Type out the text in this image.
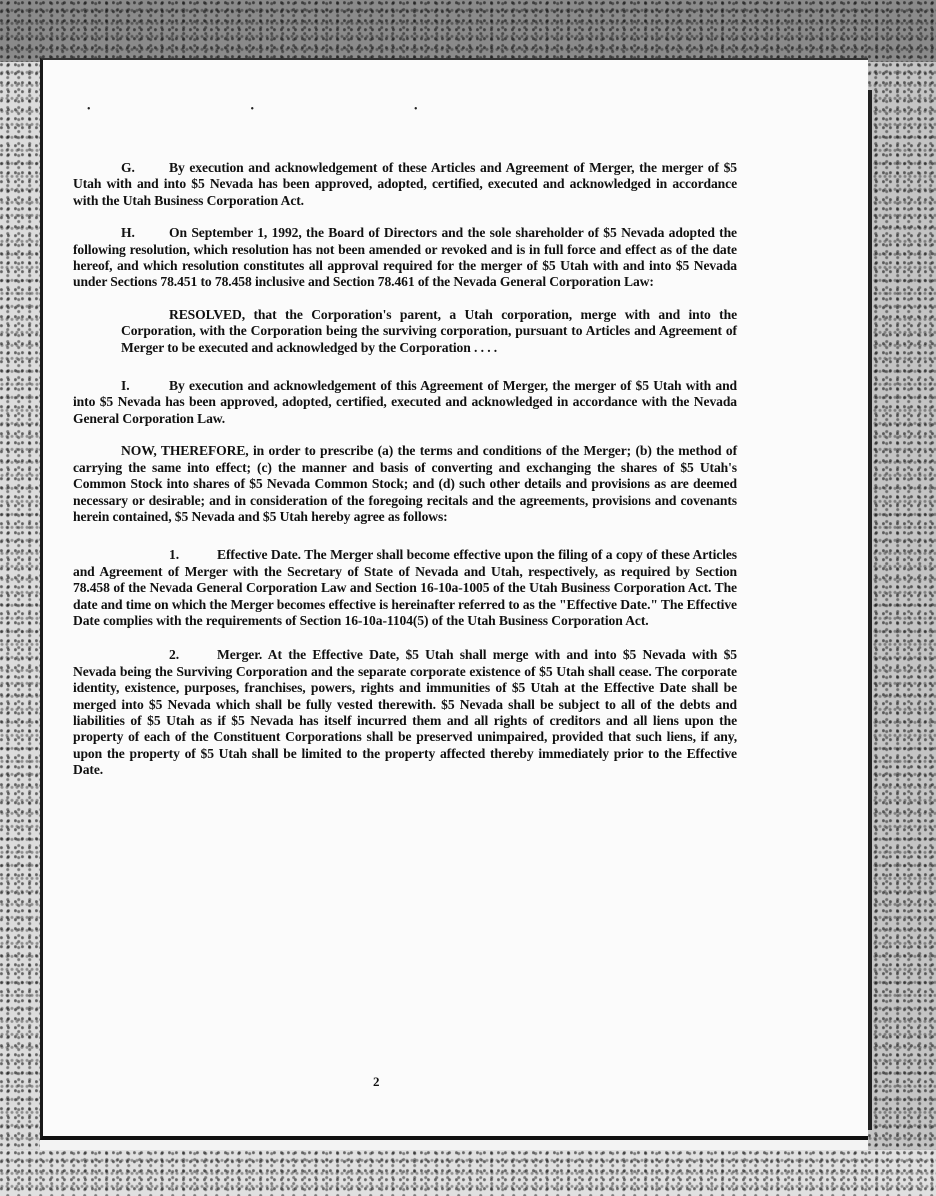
•••

G.	By execution and acknowledgement of these Articles and Agreement of Merger, the merger of $5 Utah with and into $5 Nevada has been approved, adopted, certified, executed and acknowledged in accordance with the Utah Business Corporation Act.

H.	On September 1, 1992, the Board of Directors and the sole shareholder of $5 Nevada adopted the following resolution, which resolution has not been amended or revoked and is in full force and effect as of the date hereof, and which resolution constitutes all approval required for the merger of $5 Utah with and into $5 Nevada under Sections 78.451 to 78.458 inclusive and Section 78.461 of the Nevada General Corporation Law:

RESOLVED, that the Corporation's parent, a Utah corporation, merge with and into the Corporation, with the Corporation being the surviving corporation, pursuant to Articles and Agreement of Merger to be executed and acknowledged by the Corporation . . . .

I.	By execution and acknowledgement of this Agreement of Merger, the merger of $5 Utah with and into $5 Nevada has been approved, adopted, certified, executed and acknowledged in accordance with the Nevada General Corporation Law.

NOW, THEREFORE, in order to prescribe (a) the terms and conditions of the Merger; (b) the method of carrying the same into effect; (c) the manner and basis of converting and exchanging the shares of $5 Utah's Common Stock into shares of $5 Nevada Common Stock; and (d) such other details and provisions as are deemed necessary or desirable; and in consideration of the foregoing recitals and the agreements, provisions and covenants herein contained, $5 Nevada and $5 Utah hereby agree as follows:

1.	Effective Date. The Merger shall become effective upon the filing of a copy of these Articles and Agreement of Merger with the Secretary of State of Nevada and Utah, respectively, as required by Section 78.458 of the Nevada General Corporation Law and Section 16-10a-1005 of the Utah Business Corporation Act. The date and time on which the Merger becomes effective is hereinafter referred to as the "Effective Date." The Effective Date complies with the requirements of Section 16-10a-1104(5) of the Utah Business Corporation Act.

2.	Merger. At the Effective Date, $5 Utah shall merge with and into $5 Nevada with $5 Nevada being the Surviving Corporation and the separate corporate existence of $5 Utah shall cease. The corporate identity, existence, purposes, franchises, powers, rights and immunities of $5 Utah at the Effective Date shall be merged into $5 Nevada which shall be fully vested therewith. $5 Nevada shall be subject to all of the debts and liabilities of $5 Utah as if $5 Nevada has itself incurred them and all rights of creditors and all liens upon the property of each of the Constituent Corporations shall be preserved unimpaired, provided that such liens, if any, upon the property of $5 Utah shall be limited to the property affected thereby immediately prior to the Effective Date.

2
